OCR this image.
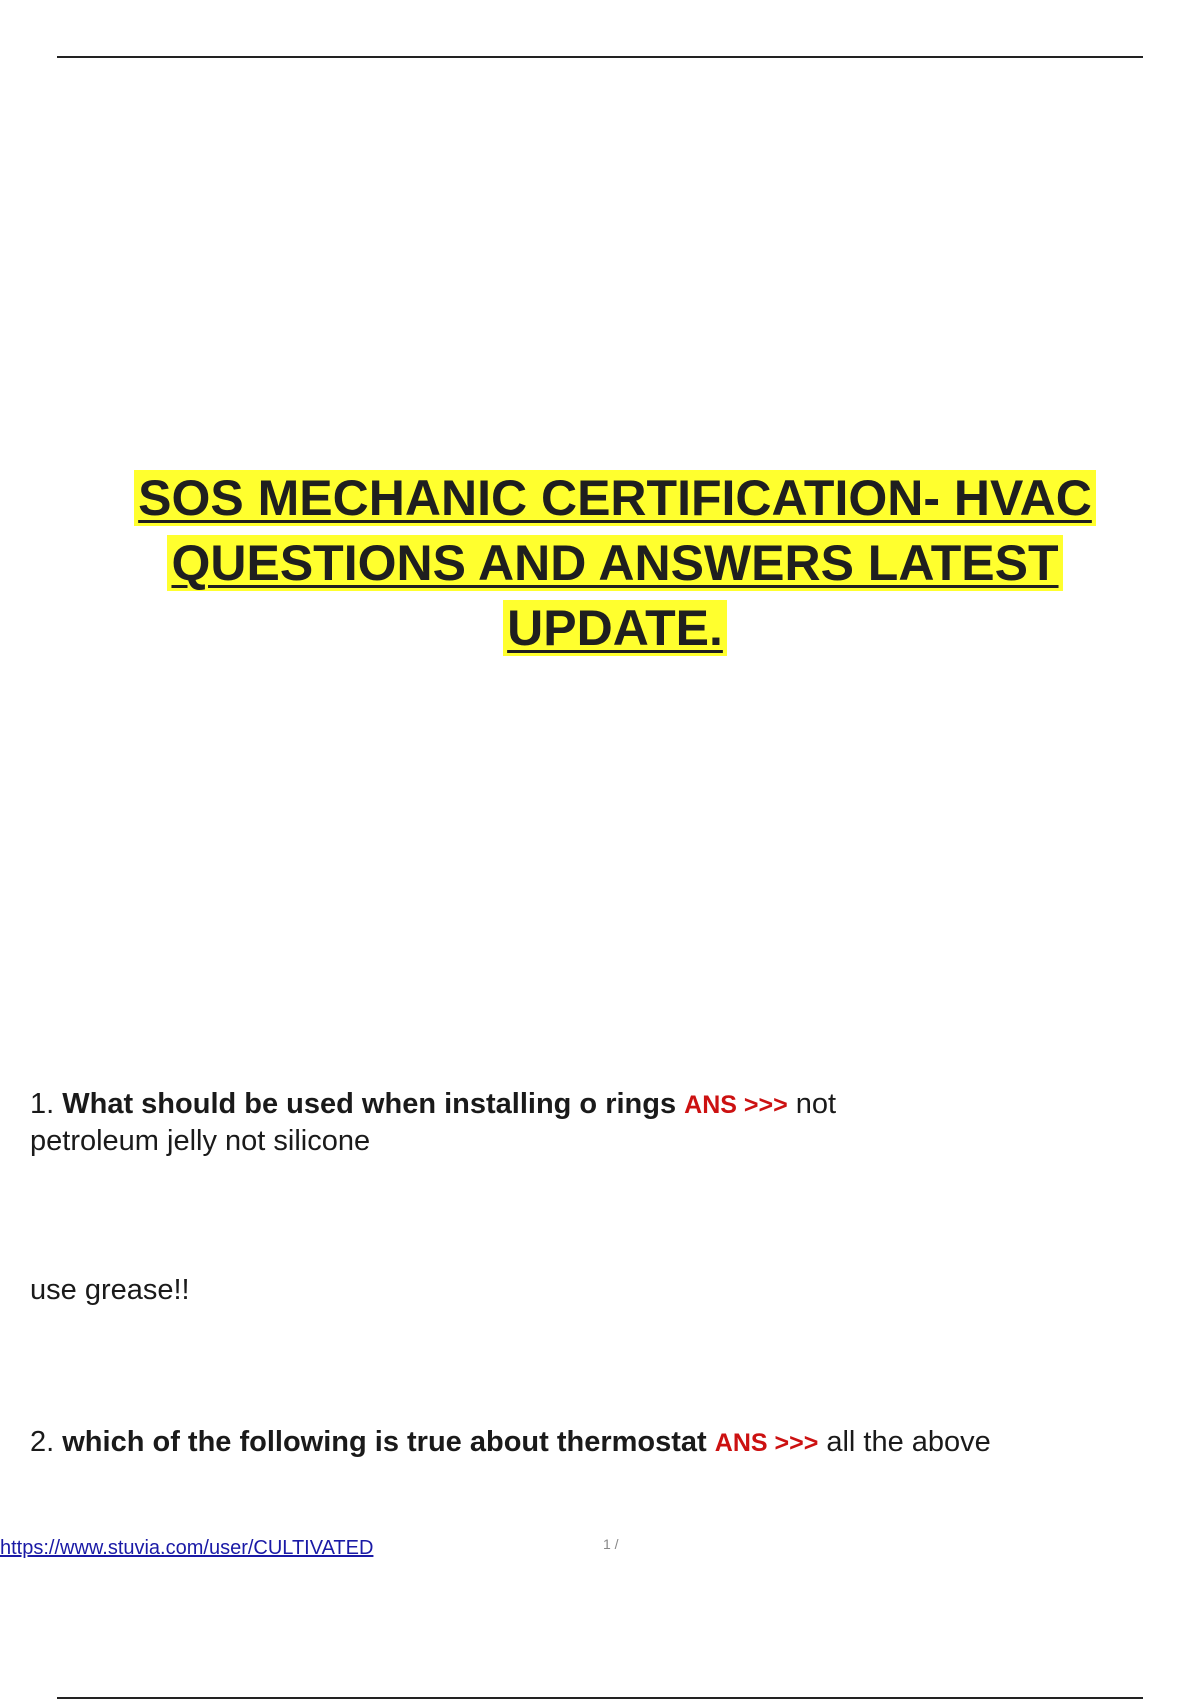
SOS MECHANIC CERTIFICATION- HVAC
QUESTIONS AND ANSWERS LATEST
UPDATE.
1. What should be used when installing o rings ANS >>> not
petroleum jelly not silicone
use grease!!
2. which of the following is true about thermostat ANS >>> all the above
https://www.stuvia.com/user/CULTIVATED	1 /
